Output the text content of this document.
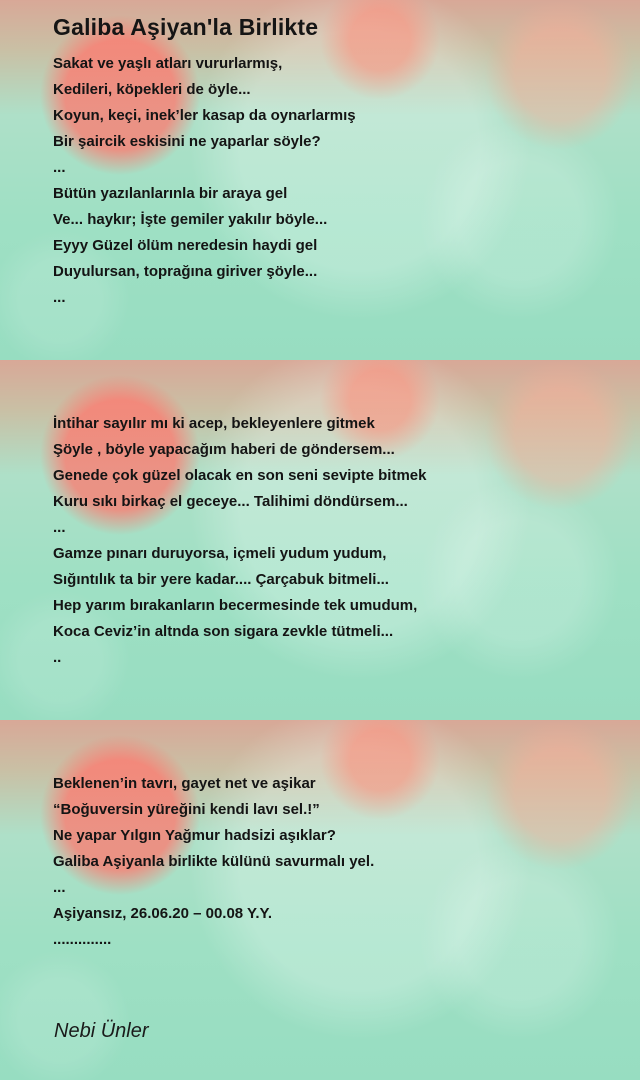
Galiba Aşiyan'la Birlikte
Sakat ve yaşlı atları vururlarmış,
Kedileri, köpekleri de öyle...
Koyun, keçi, inek’ler kasap da oynarlarmış
Bir şaircik eskisini ne yaparlar söyle?
...
Bütün yazılanlarınla bir araya gel
Ve... haykır; İşte gemiler yakılır böyle...
Eyyy Güzel ölüm neredesin haydi gel
Duyulursan, toprağına giriver şöyle...
...
İntihar sayılır mı ki acep, bekleyenlere gitmek
Şöyle , böyle yapacağım haberi de göndersem...
Genede çok güzel olacak en son seni sevipte bitmek
Kuru sıkı birkaç el geceye... Talihimi döndürsem...
...
Gamze pınarı duruyorsa, içmeli yudum yudum,
Sığıntılık ta bir yere kadar.... Çarçabuk bitmeli...
Hep yarım bırakanların becermesinde tek umudum,
Koca Ceviz’in altnda son sigara zevkle tütmeli...
..
Beklenen’in tavrı, gayet net ve aşikar
“Boğuversin yüreğini kendi lavı sel.!”
Ne yapar Yılgın Yağmur hadsizi aşıklar?
Galiba Aşiyanla birlikte külünü savurmalı yel.
...
Aşiyansız, 26.06.20 – 00.08 Y.Y.
..............
Nebi Ünler
